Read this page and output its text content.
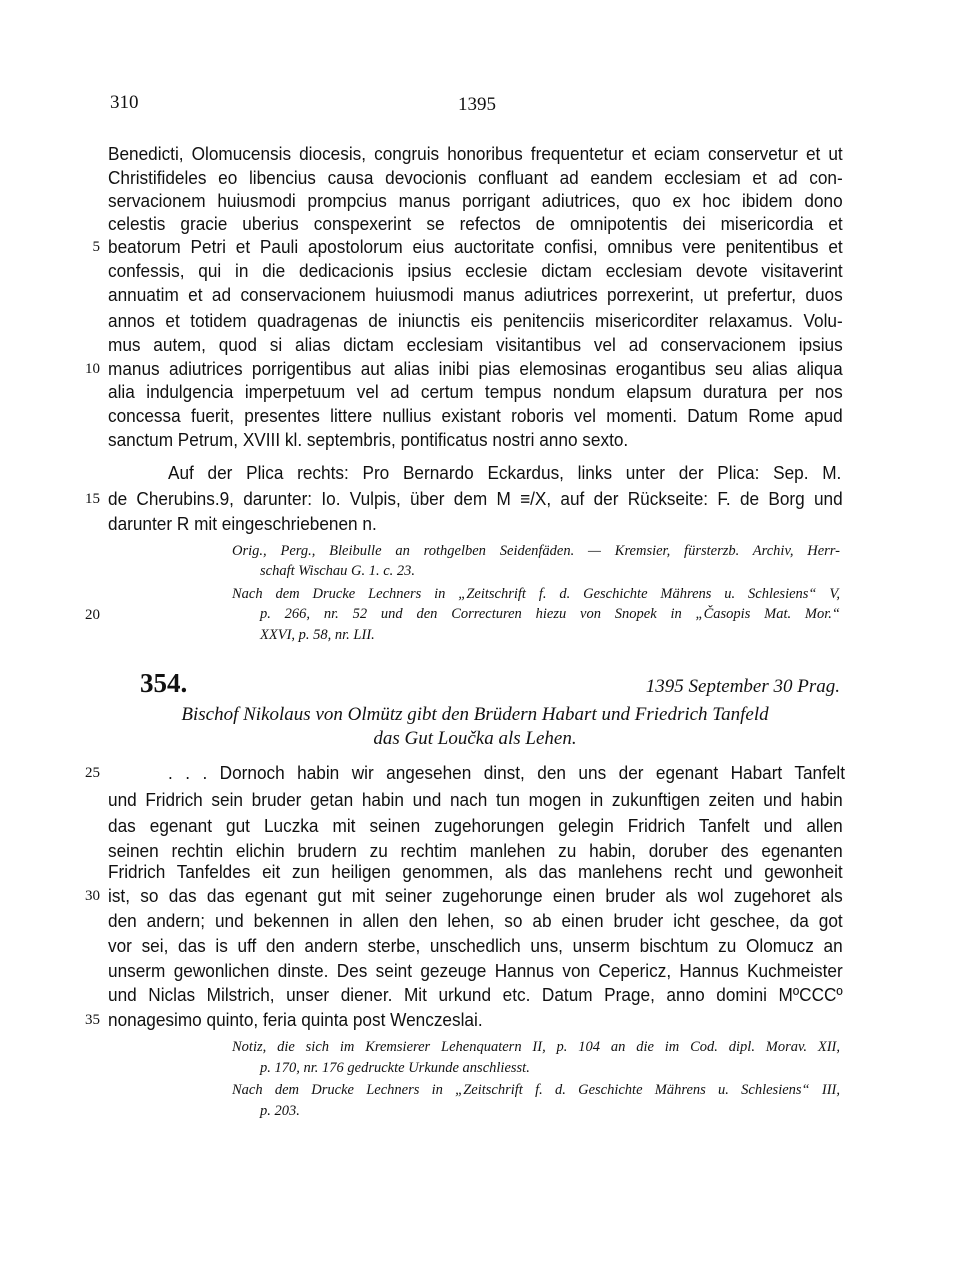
310	1395
Benedicti, Olomucensis diocesis, congruis honoribus frequentetur et eciam conservetur et ut
Christifideles eo libencius causa devocionis confluant ad eandem ecclesiam et ad con-
servacionem huiusmodi prompcius manus porrigant adiutrices, quo ex hoc ibidem dono
celestis gracie uberius conspexerint se refectos de omnipotentis dei misericordia et
beatorum Petri et Pauli apostolorum eius auctoritate confisi, omnibus vere penitentibus et
confessis, qui in die dedicacionis ipsius ecclesie dictam ecclesiam devote visitaverint
annuatim et ad conservacionem huiusmodi manus adiutrices porrexerint, ut prefertur, duos
annos et totidem quadragenas de iniunctis eis penitenciis misericorditer relaxamus. Volu-
mus autem, quod si alias dictam ecclesiam visitantibus vel ad conservacionem ipsius
manus adiutrices porrigentibus aut alias inibi pias elemosinas erogantibus seu alias aliqua
alia indulgencia imperpetuum vel ad certum tempus nondum elapsum duratura per nos
concessa fuerit, presentes littere nullius existant roboris vel momenti. Datum Rome apud
sanctum Petrum, XVIII kl. septembris, pontificatus nostri anno sexto.
Auf der Plica rechts: Pro Bernardo Eckardus, links unter der Plica: Sep. M.
de Cherubins.9, darunter: Io. Vulpis, über dem M ≡/X, auf der Rückseite: F. de Borg und
darunter R mit eingeschriebenen n.
Orig., Perg., Bleibulle an rothgelben Seidenfäden. — Kremsier, fürsterzb. Archiv, Herr-
schaft Wischau G. 1. c. 23.
Nach dem Drucke Lechners in „Zeitschrift f. d. Geschichte Mährens u. Schlesiens“ V,
p. 266, nr. 52 und den Correcturen hiezu von Snopek in „Časopis Mat. Mor.“
XXVI, p. 58, nr. LII.
354.	1395 September 30 Prag.
Bischof Nikolaus von Olmütz gibt den Brüdern Habart und Friedrich Tanfeld
das Gut Loučka als Lehen.
. . . Dornoch habin wir angesehen dinst, den uns der egenant Habart Tanfelt
und Fridrich sein bruder getan habin und nach tun mogen in zukunftigen zeiten und habin
das egenant gut Luczka mit seinen zugehorungen gelegin Fridrich Tanfelt und allen
seinen rechtin elichin brudern zu rechtim manlehen zu habin, doruber des egenanten
Fridrich Tanfeldes eit zun heiligen genommen, als das manlehens recht und gewonheit
ist, so das das egenant gut mit seiner zugehorunge einen bruder als wol zugehoret als
den andern; und bekennen in allen den lehen, so ab einen bruder icht geschee, da got
vor sei, das is uff den andern sterbe, unschedlich uns, unserm bischtum zu Olomucz an
unserm gewonlichen dinste. Des seint gezeuge Hannus von Cepericz, Hannus Kuchmeister
und Niclas Milstrich, unser diener. Mit urkund etc. Datum Prage, anno domini MºCCCº
nonagesimo quinto, feria quinta post Wenczeslai.
Notiz, die sich im Kremsierer Lehenquatern II, p. 104 an die im Cod. dipl. Morav. XII,
p. 170, nr. 176 gedruckte Urkunde anschliesst.
Nach dem Drucke Lechners in „Zeitschrift f. d. Geschichte Mährens u. Schlesiens“ III,
p. 203.
5
10
15
20
25
30
35
